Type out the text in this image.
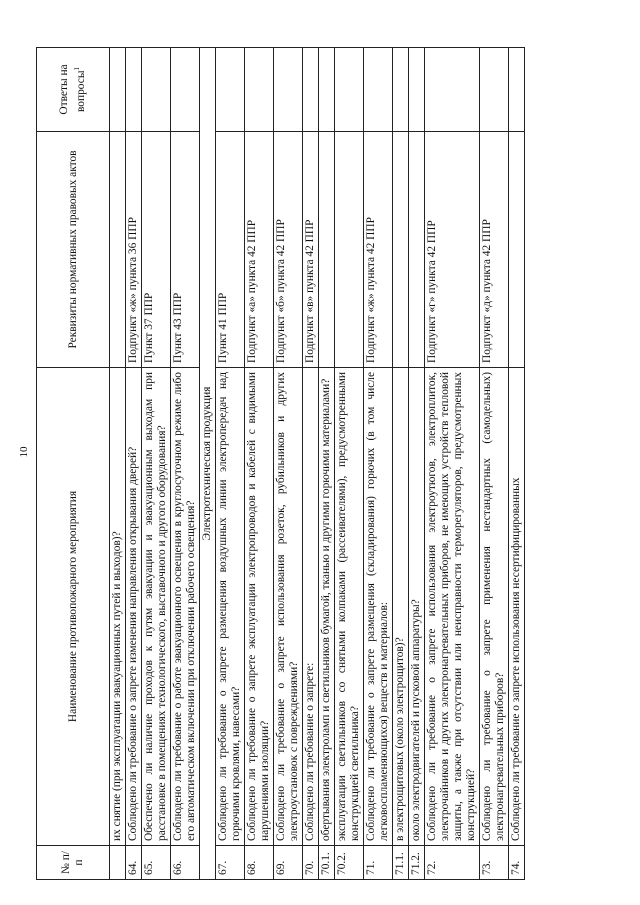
10
№ п/п	Наименование противопожарного мероприятия	Реквизиты нормативных правовых актов	Ответы на вопросы$^1$
	их снятие (при эксплуатации эвакуационных путей и выходов)?		
64.	Соблюдено ли требование о запрете изменения направления открывания дверей?	Подпункт «ж» пункта 36 ППР	
65.	Обеспечено ли наличие проходов к путям эвакуации и эвакуационным выходам при расстановке в помещениях технологического, выставочного и другого оборудования?	Пункт 37 ППР	
66.	Соблюдено ли требование о работе эвакуационного освещения в круглосуточном режиме либо его автоматическом включении при отключении рабочего освещения?	Пункт 43 ППР	
Электротехническая продукция			
67.	Соблюдено ли требование о запрете размещения воздушных линии электропередач над горючими кровлями, навесами?	Пункт 41 ППР	
68.	Соблюдено ли требование о запрете эксплуатации электропроводов и кабелей с видимыми нарушениями изоляции?	Подпункт «а» пункта 42 ППР	
69.	Соблюдено ли требование о запрете использования розеток, рубильников и других электроустановок с повреждениями?	Подпункт «б» пункта 42 ППР	
70.	Соблюдено ли требование о запрете:	Подпункт «в» пункта 42 ППР	
70.1.	обертывания электроламп и светильников бумагой, тканью и другими горючими материалами?		
70.2.	эксплуатации светильников со снятыми колпаками (рассеивателями), предусмотренными конструкцией светильника?		
71.	Соблюдено ли требование о запрете размещения (складирования) горючих (в том числе легковоспламеняющихся) веществ и материалов:	Подпункт «ж» пункта 42 ППР	
71.1.	в электрощитовых (около электрощитов)?		
71.2.	около электродвигателей и пусковой аппаратуры?		
72.	Соблюдено ли требование о запрете использования электроутюгов, электроплиток, электрочайников и других электронагревательных приборов, не имеющих устройств тепловой защиты, а также при отсутствии или неисправности терморегуляторов, предусмотренных конструкцией?	Подпункт «г» пункта 42 ППР	
73.	Соблюдено ли требование о запрете применения нестандартных (самодельных) электронагревательных приборов?	Подпункт «д» пункта 42 ППР	
74.	Соблюдено ли требование о запрете использования несертифицированных		
